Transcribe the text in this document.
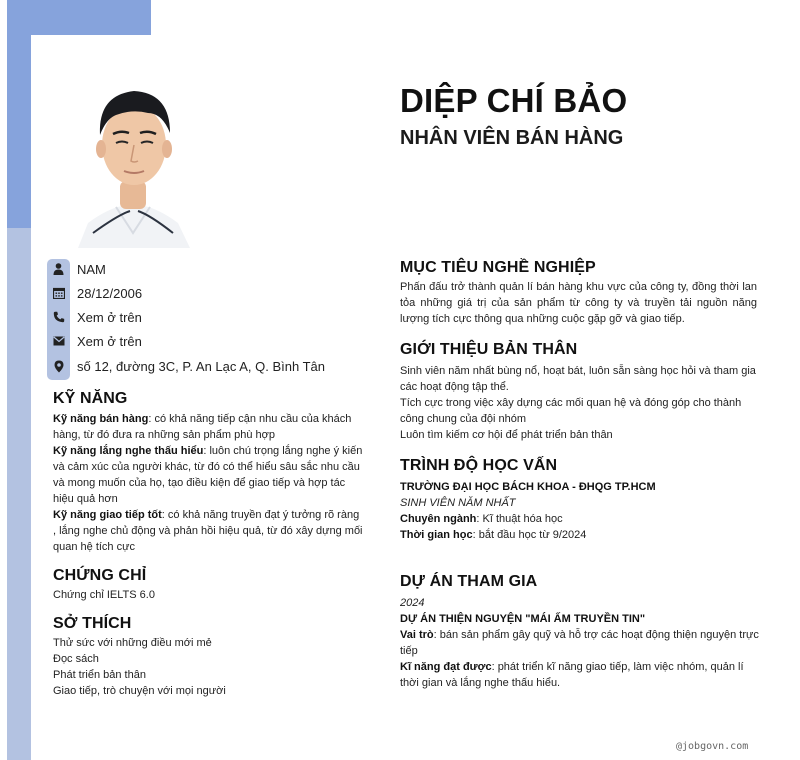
DIỆP CHÍ BẢO
NHÂN VIÊN BÁN HÀNG
NAM
28/12/2006
Xem ở trên
Xem ở trên
số 12, đường 3C, P. An Lạc A, Q. Bình Tân
KỸ NĂNG

Kỹ năng bán hàng: có khả năng tiếp cận nhu cầu của khách hàng, từ đó đưa ra những sản phẩm phù hợp

Kỹ năng lắng nghe thấu hiểu: luôn chú trọng lắng nghe ý kiến và cảm xúc của người khác, từ đó có thể hiểu sâu sắc nhu cầu và mong muốn của họ, tạo điều kiện để giao tiếp và hợp tác hiệu quả hơn

Kỹ năng giao tiếp tốt: có khả năng truyền đạt ý tưởng rõ ràng , lắng nghe chủ động và phản hồi hiệu quả, từ đó xây dựng mối quan hệ tích cực

CHỨNG CHỈ

Chứng chỉ IELTS 6.0

SỞ THÍCH

Thử sức với những điều mới mẻ

Đọc sách

Phát triển bản thân

Giao tiếp, trò chuyện với mọi người

MỤC TIÊU NGHỀ NGHIỆP

Phấn đấu trở thành quản lí bán hàng khu vực của công ty, đồng thời lan tỏa những giá trị của sản phẩm từ công ty và truyền tải nguồn năng lượng tích cực thông qua những cuộc gặp gỡ và giao tiếp.

GIỚI THIỆU BẢN THÂN

Sinh viên năm nhất bùng nổ, hoạt bát, luôn sẵn sàng học hỏi và tham gia các hoạt động tập thể.

Tích cực trong việc xây dựng các mối quan hệ và đóng góp cho thành công chung của đội nhóm

Luôn tìm kiếm cơ hội để phát triển bản thân

TRÌNH ĐỘ HỌC VẤN

TRƯỜNG ĐẠI HỌC BÁCH KHOA - ĐHQG TP.HCM

SINH VIÊN NĂM NHẤT

Chuyên ngành: Kĩ thuật hóa học

Thời gian học: bắt đầu học từ 9/2024

DỰ ÁN THAM GIA

2024

DỰ ÁN THIỆN NGUYỆN "MÁI ẤM TRUYỀN TIN"

Vai trò: bán sản phẩm gây quỹ và hỗ trợ các hoạt động thiện nguyện trực tiếp

Kĩ năng đạt được: phát triển kĩ năng giao tiếp, làm việc nhóm, quản lí thời gian và lắng nghe thấu hiểu.

@jobgovn.com
